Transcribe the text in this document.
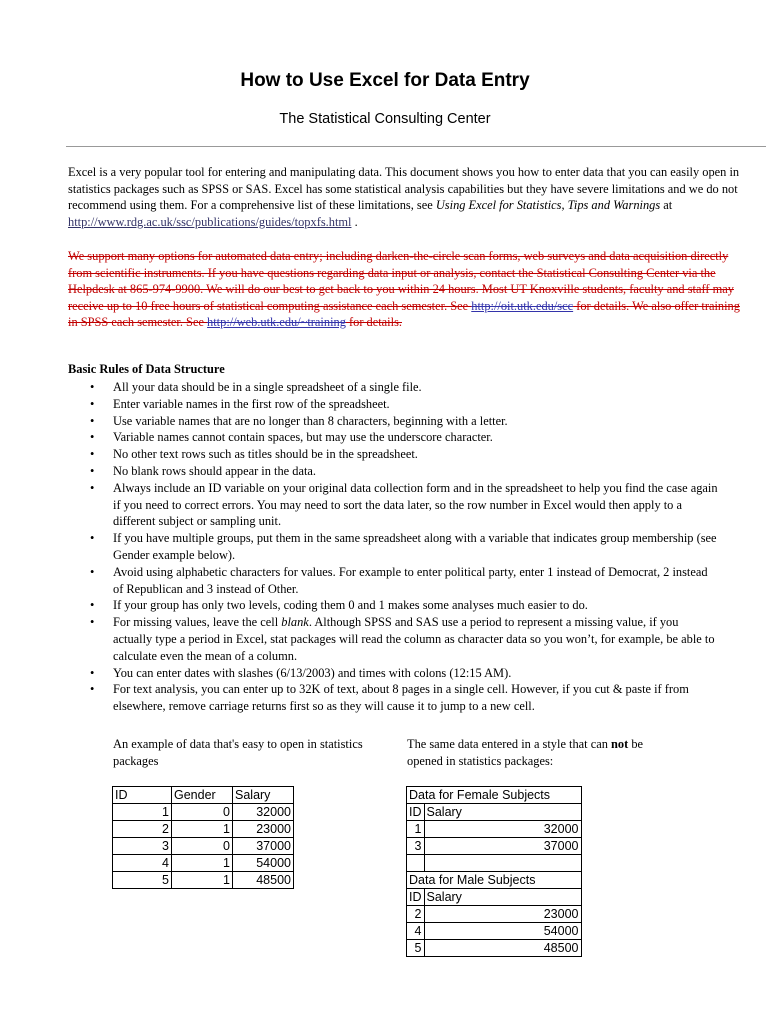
How to Use Excel for Data Entry
The Statistical Consulting Center
Excel is a very popular tool for entering and manipulating data. This document shows you how to enter data that you can easily open in statistics packages such as SPSS or SAS. Excel has some statistical analysis capabilities but they have severe limitations and we do not recommend using them. For a comprehensive list of these limitations, see Using Excel for Statistics, Tips and Warnings at http://www.rdg.ac.uk/ssc/publications/guides/topxfs.html .
We support many options for automated data entry; including darken-the-circle scan forms, web surveys and data acquisition directly from scientific instruments. If you have questions regarding data input or analysis, contact the Statistical Consulting Center via the Helpdesk at 865-974-9900. We will do our best to get back to you within 24 hours. Most UT Knoxville students, faculty and staff may receive up to 10 free hours of statistical computing assistance each semester. See http://oit.utk.edu/scc for details. We also offer training in SPSS each semester. See http://web.utk.edu/~training for details.
Basic Rules of Data Structure
• All your data should be in a single spreadsheet of a single file.
• Enter variable names in the first row of the spreadsheet.
• Use variable names that are no longer than 8 characters, beginning with a letter.
• Variable names cannot contain spaces, but may use the underscore character.
• No other text rows such as titles should be in the spreadsheet.
• No blank rows should appear in the data.
• Always include an ID variable on your original data collection form and in the spreadsheet to help you find the case again if you need to correct errors. You may need to sort the data later, so the row number in Excel would then apply to a different subject or sampling unit.
• If you have multiple groups, put them in the same spreadsheet along with a variable that indicates group membership (see Gender example below).
• Avoid using alphabetic characters for values. For example to enter political party, enter 1 instead of Democrat, 2 instead of Republican and 3 instead of Other.
• If your group has only two levels, coding them 0 and 1 makes some analyses much easier to do.
• For missing values, leave the cell blank. Although SPSS and SAS use a period to represent a missing value, if you actually type a period in Excel, stat packages will read the column as character data so you won’t, for example, be able to calculate even the mean of a column.
• You can enter dates with slashes (6/13/2003) and times with colons (12:15 AM).
• For text analysis, you can enter up to 32K of text, about 8 pages in a single cell. However, if you cut & paste if from elsewhere, remove carriage returns first so as they will cause it to jump to a new cell.
An example of data that's easy to open in statistics packages
The same data entered in a style that can not be opened in statistics packages:
ID	Gender	Salary
1	0	32000
2	1	23000
3	0	37000
4	1	54000
5	1	48500
Data for Female Subjects	
ID	Salary
1	32000
3	37000

Data for Male Subjects	
ID	Salary
2	23000
4	54000
5	48500
